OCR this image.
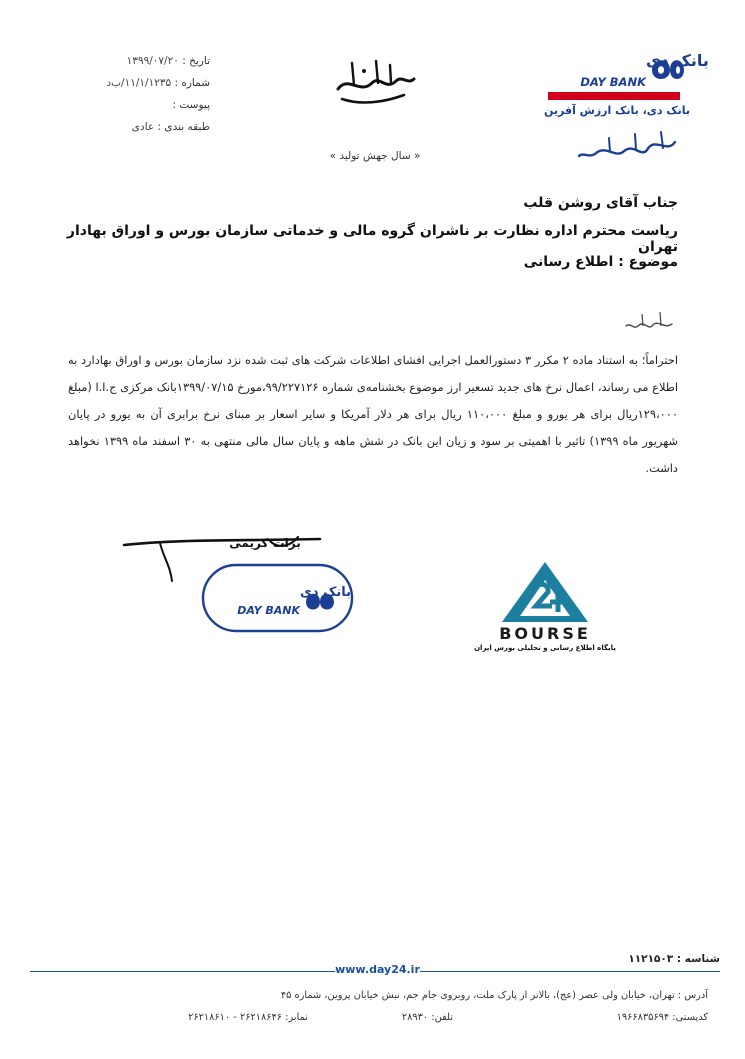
تاریخ : ۱۳۹۹/۰۷/۲۰
شماره : ۱۱/۱/۱۲۳۵/ب‌د
پیوست :
طبقه بندی : عادی
« سال جهش تولید »
بانک دی
DAY BANK
بانک دی، بانک ارزش آفرین
جناب آقای روشن قلب
ریاست محترم اداره نظارت بر ناشران گروه مالی و خدماتی سازمان بورس و اوراق بهادار تهران
موضوع : اطلاع رسانی
احتراماً؛ به استناد ماده ۲ مکرر ۳ دستورالعمل اجرایی افشای اطلاعات شرکت های ثبت شده نزد سازمان بورس و اوراق بهادارد به اطلاع می رساند، اعمال نرخ های جدید تسعیر ارز موضوع بخشنامه‌ی شماره ۹۹/۲۲۷۱۲۶،مورخ ۱۳۹۹/۰۷/۱۵بانک مرکزی ج.ا.ا (مبلغ ۱۲۹،۰۰۰ریال برای هر یورو و مبلغ ۱۱۰،۰۰۰ ریال برای هر دلار آمریکا و سایر اسعار بر مبنای نرخ برابری آن به یورو در پایان شهریور ماه ۱۳۹۹) تاثیر با اهمیتی بر سود و زیان این بانک در شش ماهه و پایان سال مالی منتهی به ۳۰ اسفند ماه ۱۳۹۹ نخواهد داشت.
برات کریمی
بانک دی
DAY BANK
BOURSE
پایگاه اطلاع رسانی و تحلیلی بورس ایران
شناسه : ۱۱۲۱۵۰۳
www.day24.ir
آدرس : تهران، خیابان ولی عصر (عج)، بالاتر از پارک ملت، روبروی جام جم، نبش خیابان پروین، شماره ۴۵
کدپستی: ۱۹۶۶۸۳۵۶۹۴
تلفن: ۲۸۹۳۰
نمابر: ۲۶۲۱۸۶۴۶ - ۲۶۲۱۸۶۱۰
